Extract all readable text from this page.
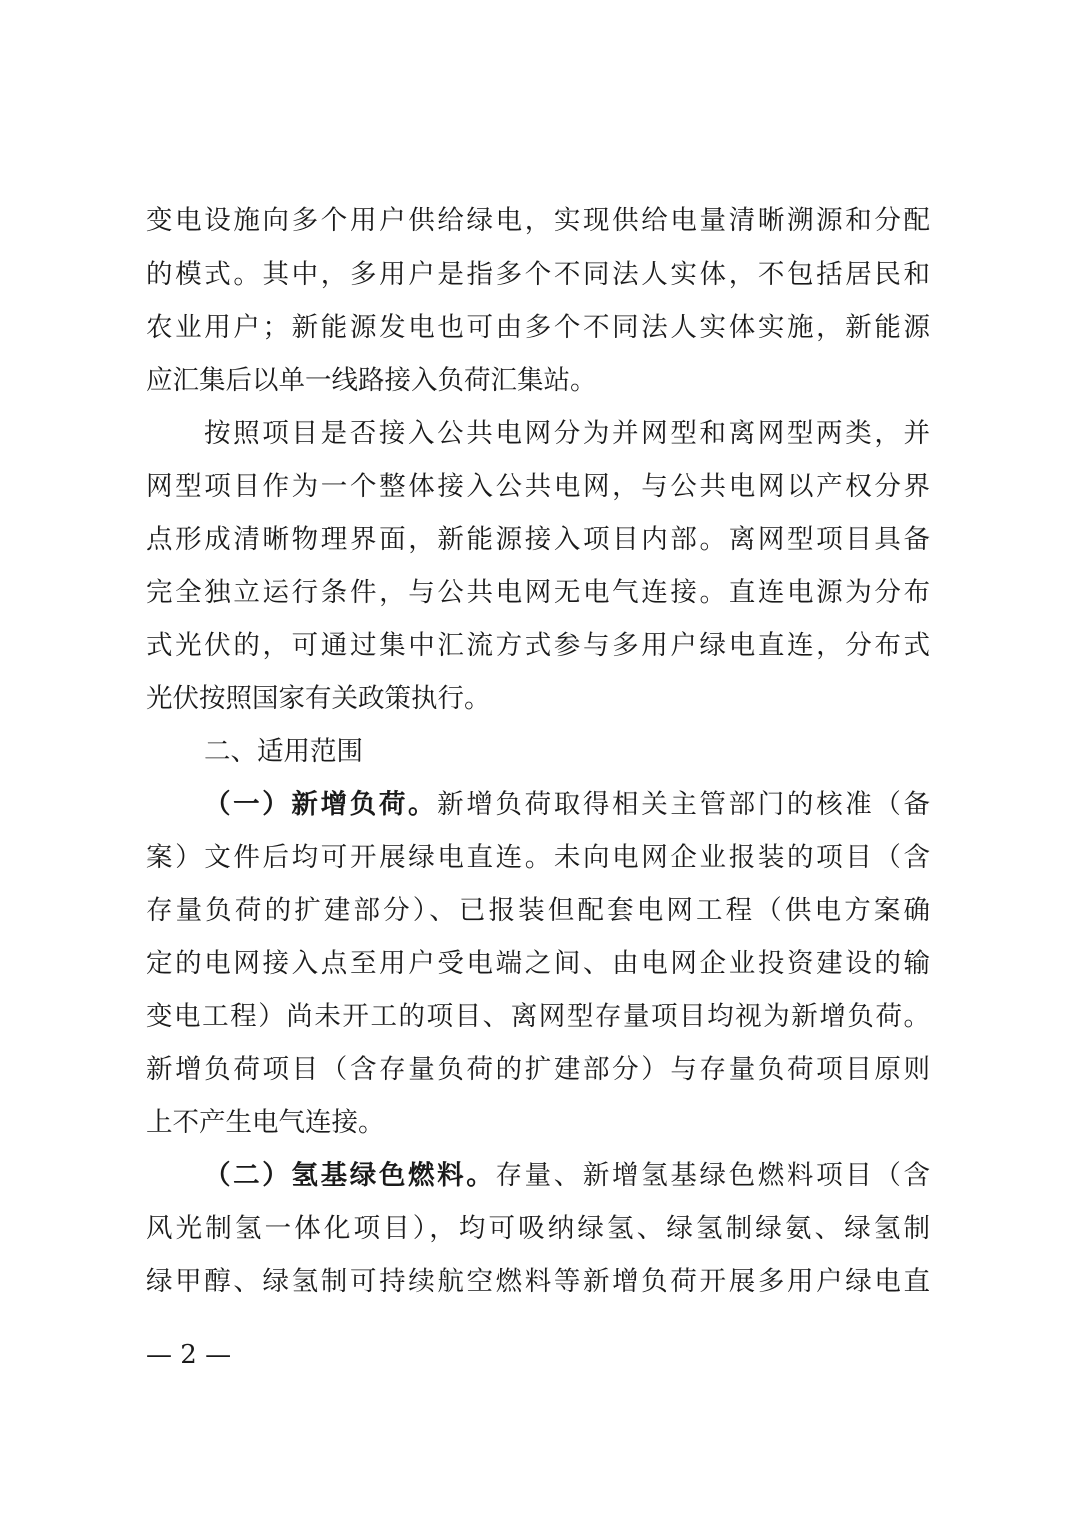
变电设施向多个用户供给绿电，实现供给电量清晰溯源和分配
的模式。其中，多用户是指多个不同法人实体，不包括居民和
农业用户；新能源发电也可由多个不同法人实体实施，新能源
应汇集后以单一线路接入负荷汇集站。
按照项目是否接入公共电网分为并网型和离网型两类，并
网型项目作为一个整体接入公共电网，与公共电网以产权分界
点形成清晰物理界面，新能源接入项目内部。离网型项目具备
完全独立运行条件，与公共电网无电气连接。直连电源为分布
式光伏的，可通过集中汇流方式参与多用户绿电直连，分布式
光伏按照国家有关政策执行。
二、适用范围
（一）新增负荷。新增负荷取得相关主管部门的核准（备
案）文件后均可开展绿电直连。未向电网企业报装的项目（含
存量负荷的扩建部分）、已报装但配套电网工程（供电方案确
定的电网接入点至用户受电端之间、由电网企业投资建设的输
变电工程）尚未开工的项目、离网型存量项目均视为新增负荷。
新增负荷项目（含存量负荷的扩建部分）与存量负荷项目原则
上不产生电气连接。
（二）氢基绿色燃料。存量、新增氢基绿色燃料项目（含
风光制氢一体化项目），均可吸纳绿氢、绿氢制绿氨、绿氢制
绿甲醇、绿氢制可持续航空燃料等新增负荷开展多用户绿电直
— 2 —
